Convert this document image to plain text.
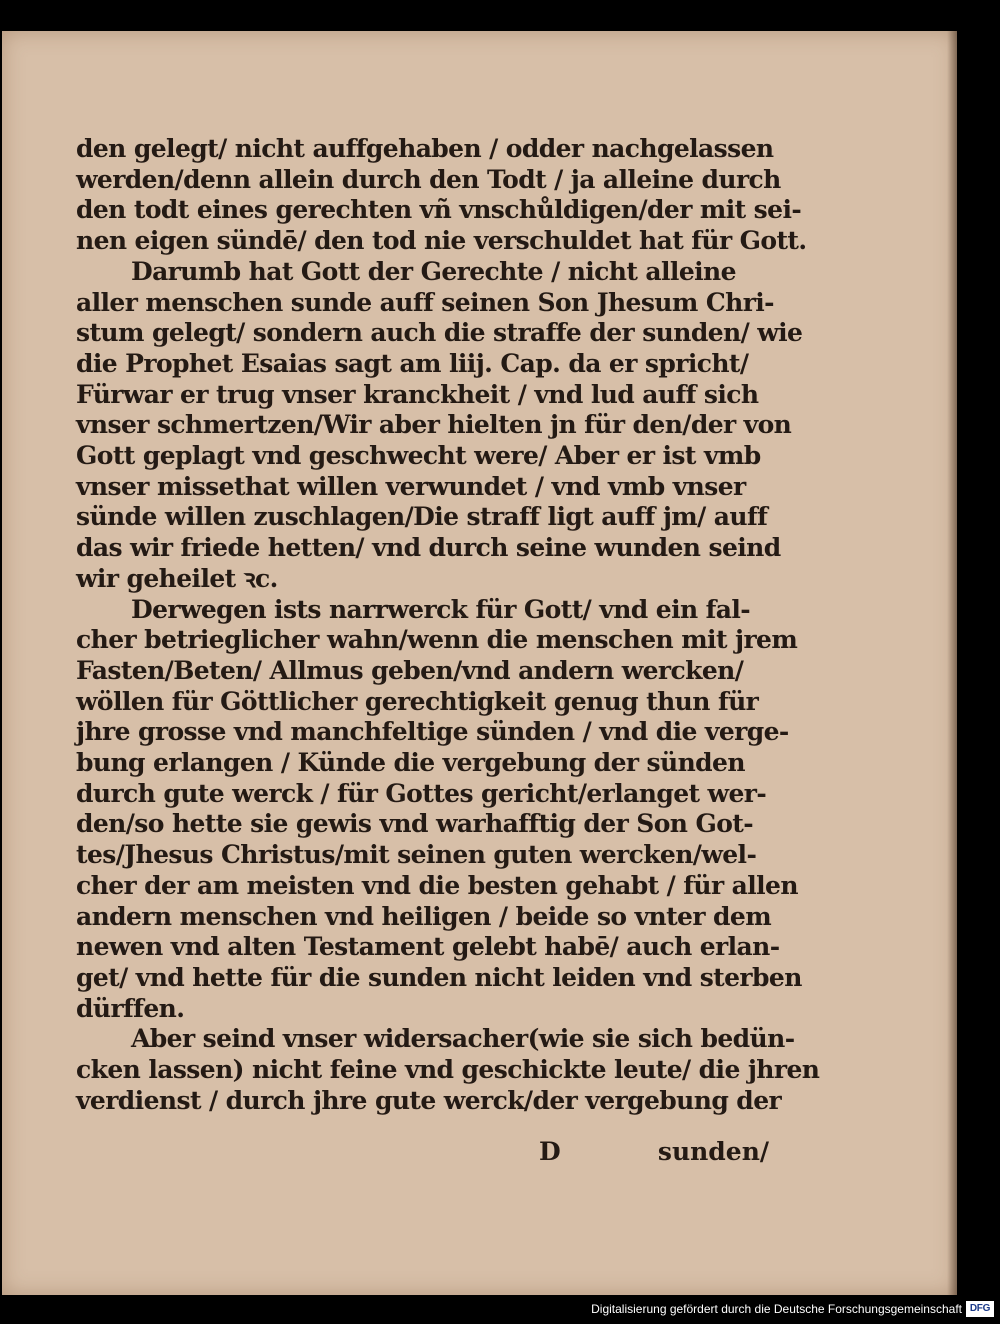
den gelegt/ nicht auffgehaben / odder nachgelassen
werden/denn allein durch den Todt / ja alleine durch
den todt eines gerechten vñ vnschůldigen/der mit sei-
nen eigen sündē/ den tod nie verschuldet hat für Gott.
Darumb hat Gott der Gerechte / nicht alleine
aller menschen sunde auff seinen Son Jhesum Chri-
stum gelegt/ sondern auch die straffe der sunden/ wie
die Prophet Esaias sagt am liij. Cap. da er spricht/
Fürwar er trug vnser kranckheit / vnd lud auff sich
vnser schmertzen/Wir aber hielten jn für den/der von
Gott geplagt vnd geschwecht were/ Aber er ist vmb
vnser missethat willen verwundet / vnd vmb vnser
sünde willen zuschlagen/Die straff ligt auff jm/ auff
das wir friede hetten/ vnd durch seine wunden seind
wir geheilet ꝛc.
Derwegen ists narrwerck für Gott/ vnd ein fal-
cher betrieglicher wahn/wenn die menschen mit jrem
Fasten/Beten/ Allmus geben/vnd andern wercken/
wöllen für Göttlicher gerechtigkeit genug thun für
jhre grosse vnd manchfeltige sünden / vnd die verge-
bung erlangen / Künde die vergebung der sünden
durch gute werck / für Gottes gericht/erlanget wer-
den/so hette sie gewis vnd warhafftig der Son Got-
tes/Jhesus Christus/mit seinen guten wercken/wel-
cher der am meisten vnd die besten gehabt / für allen
andern menschen vnd heiligen / beide so vnter dem
newen vnd alten Testament gelebt habē/ auch erlan-
get/ vnd hette für die sunden nicht leiden vnd sterben
dürffen.
Aber seind vnser widersacher(wie sie sich bedün-
cken lassen) nicht feine vnd geschickte leute/ die jhren
verdienst / durch jhre gute werck/der vergebung der
D	sunden/
Digitalisierung gefördert durch die Deutsche Forschungsgemeinschaft DFG
